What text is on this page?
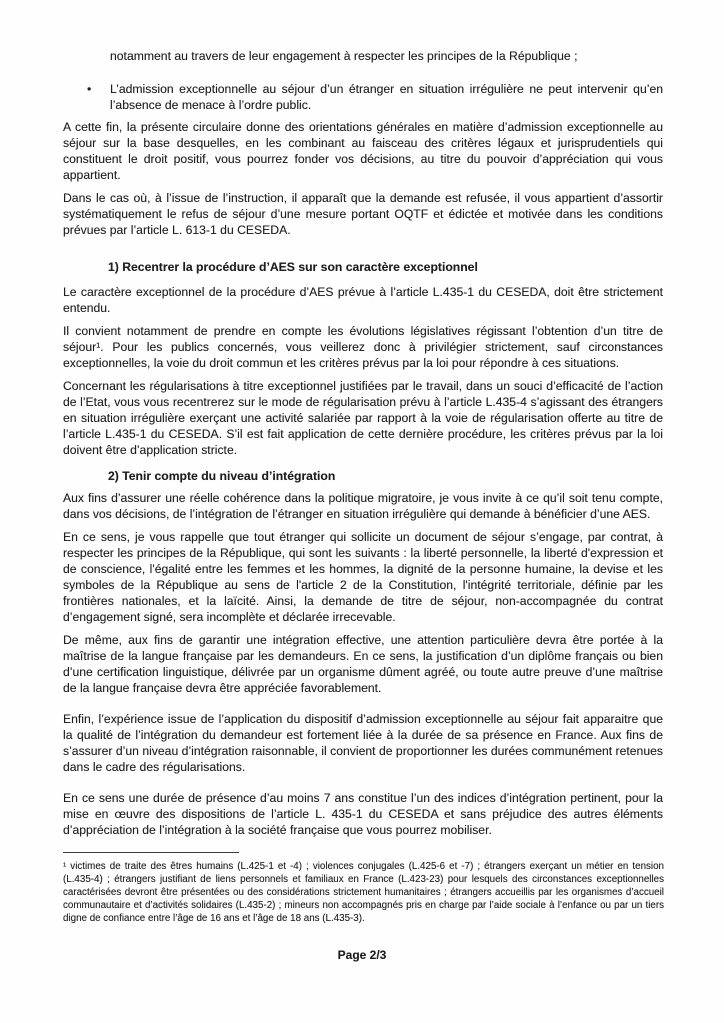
notamment au travers de leur engagement à respecter les principes de la République ;

•	L’admission exceptionnelle au séjour d’un étranger en situation irrégulière ne peut intervenir qu’en l’absence de menace à l’ordre public.

A cette fin, la présente circulaire donne des orientations générales en matière d’admission exceptionnelle au séjour sur la base desquelles, en les combinant au faisceau des critères légaux et jurisprudentiels qui constituent le droit positif, vous pourrez fonder vos décisions, au titre du pouvoir d’appréciation qui vous appartient.

Dans le cas où, à l’issue de l’instruction, il apparaît que la demande est refusée, il vous appartient d’assortir systématiquement le refus de séjour d’une mesure portant OQTF et édictée et motivée dans les conditions prévues par l’article L. 613-1 du CESEDA.

1) Recentrer la procédure d’AES sur son caractère exceptionnel

Le caractère exceptionnel de la procédure d’AES prévue à l’article L.435-1 du CESEDA, doit être strictement entendu.

Il convient notamment de prendre en compte les évolutions législatives régissant l’obtention d’un titre de séjour¹. Pour les publics concernés, vous veillerez donc à privilégier strictement, sauf circonstances exceptionnelles, la voie du droit commun et les critères prévus par la loi pour répondre à ces situations.

Concernant les régularisations à titre exceptionnel justifiées par le travail, dans un souci d’efficacité de l’action de l’Etat, vous vous recentrerez sur le mode de régularisation prévu à l’article L.435-4 s’agissant des étrangers en situation irrégulière exerçant une activité salariée par rapport à la voie de régularisation offerte au titre de l’article L.435-1 du CESEDA. S’il est fait application de cette dernière procédure, les critères prévus par la loi doivent être d’application stricte.

2) Tenir compte du niveau d’intégration

Aux fins d’assurer une réelle cohérence dans la politique migratoire, je vous invite à ce qu’il soit tenu compte, dans vos décisions, de l’intégration de l’étranger en situation irrégulière qui demande à bénéficier d’une AES.

En ce sens, je vous rappelle que tout étranger qui sollicite un document de séjour s’engage, par contrat, à respecter les principes de la République, qui sont les suivants : la liberté personnelle, la liberté d'expression et de conscience, l'égalité entre les femmes et les hommes, la dignité de la personne humaine, la devise et les symboles de la République au sens de l'article 2 de la Constitution, l'intégrité territoriale, définie par les frontières nationales, et la laïcité. Ainsi, la demande de titre de séjour, non-accompagnée du contrat d’engagement signé, sera incomplète et déclarée irrecevable.

De même, aux fins de garantir une intégration effective, une attention particulière devra être portée à la maîtrise de la langue française par les demandeurs. En ce sens, la justification d’un diplôme français ou bien d’une certification linguistique, délivrée par un organisme dûment agréé, ou toute autre preuve d’une maîtrise de la langue française devra être appréciée favorablement.

Enfin, l’expérience issue de l’application du dispositif d’admission exceptionnelle au séjour fait apparaitre que la qualité de l’intégration du demandeur est fortement liée à la durée de sa présence en France. Aux fins de s’assurer d’un niveau d’intégration raisonnable, il convient de proportionner les durées communément retenues dans le cadre des régularisations.

En ce sens une durée de présence d’au moins 7 ans constitue l’un des indices d’intégration pertinent, pour la mise en œuvre des dispositions de l’article L. 435-1 du CESEDA et sans préjudice des autres éléments d’appréciation de l’intégration à la société française que vous pourrez mobiliser.

¹ victimes de traite des êtres humains (L.425-1 et -4) ; violences conjugales (L.425-6 et -7) ; étrangers exerçant un métier en tension (L.435-4) ; étrangers justifiant de liens personnels et familiaux en France (L.423-23) pour lesquels des circonstances exceptionnelles caractérisées devront être présentées ou des considérations strictement humanitaires ; étrangers accueillis par les organismes d’accueil communautaire et d’activités solidaires (L.435-2) ; mineurs non accompagnés pris en charge par l’aide sociale à l’enfance ou par un tiers digne de confiance entre l’âge de 16 ans et l’âge de 18 ans (L.435-3).

Page 2/3
